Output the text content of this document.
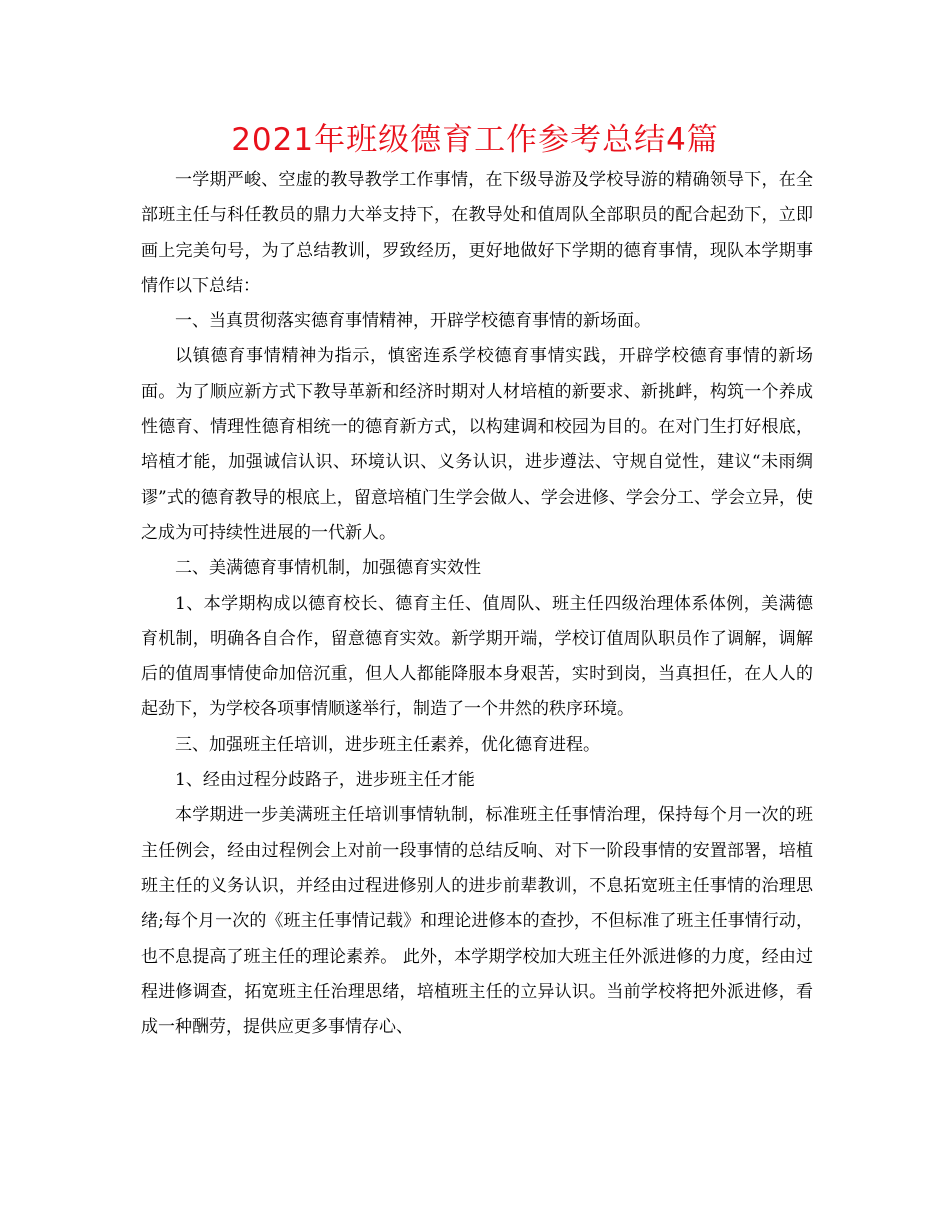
2021年班级德育工作参考总结4篇

一学期严峻、空虚的教导教学工作事情，在下级导游及学校导游的精确领导下，在全部班主任与科任教员的鼎力大举支持下，在教导处和值周队全部职员的配合起劲下，立即画上完美句号，为了总结教训，罗致经历，更好地做好下学期的德育事情，现队本学期事情作以下总结：

一、当真贯彻落实德育事情精神，开辟学校德育事情的新场面。

以镇德育事情精神为指示，慎密连系学校德育事情实践，开辟学校德育事情的新场面。为了顺应新方式下教导革新和经济时期对人材培植的新要求、新挑衅，构筑一个养成性德育、情理性德育相统一的德育新方式，以构建调和校园为目的。在对门生打好根底，培植才能，加强诚信认识、环境认识、义务认识，进步遵法、守规自觉性，建议“未雨绸谬”式的德育教导的根底上，留意培植门生学会做人、学会进修、学会分工、学会立异，使之成为可持续性进展的一代新人。

二、美满德育事情机制，加强德育实效性

1、本学期构成以德育校长、德育主任、值周队、班主任四级治理体系体例，美满德育机制，明确各自合作，留意德育实效。新学期开端，学校订值周队职员作了调解，调解后的值周事情使命加倍沉重，但人人都能降服本身艰苦，实时到岗，当真担任，在人人的起劲下，为学校各项事情顺遂举行，制造了一个井然的秩序环境。

三、加强班主任培训，进步班主任素养，优化德育进程。

1、经由过程分歧路子，进步班主任才能

本学期进一步美满班主任培训事情轨制，标准班主任事情治理，保持每个月一次的班主任例会，经由过程例会上对前一段事情的总结反响、对下一阶段事情的安置部署，培植班主任的义务认识，并经由过程进修别人的进步前辈教训，不息拓宽班主任事情的治理思绪;每个月一次的《班主任事情记载》和理论进修本的查抄，不但标准了班主任事情行动，也不息提高了班主任的理论素养。 此外，本学期学校加大班主任外派进修的力度，经由过程进修调查，拓宽班主任治理思绪，培植班主任的立异认识。当前学校将把外派进修，看成一种酬劳，提供应更多事情存心、
